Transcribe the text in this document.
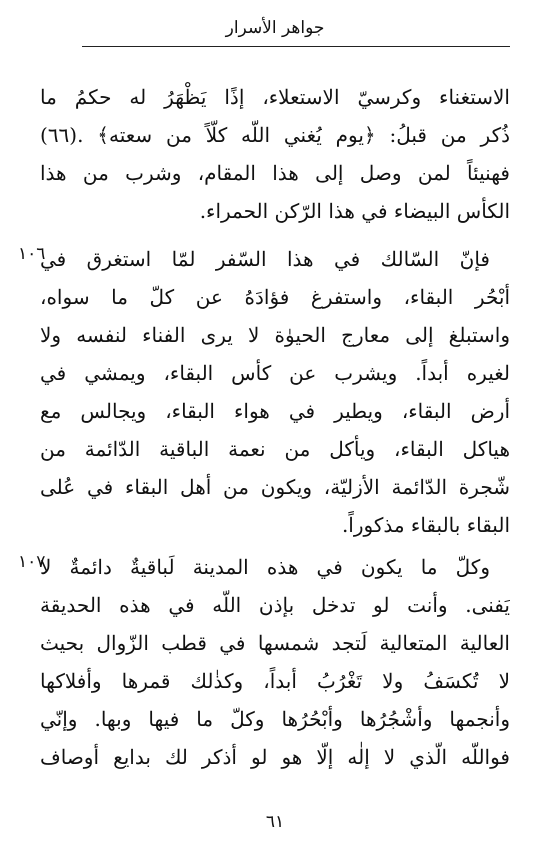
جواهر الأسرار
الاستغناء وكرسيّ الاستعلاء، إذًا يَظْهَرُ له حكمُ ما
ذُكر من قبلُ: ﴿يوم يُغني اللّه كلّاً من سعته﴾ .(٦٦)
فهنيئاً لمن وصل إلى هذا المقام، وشرب من هذا
الكأس البيضاء في هذا الرّكن الحمراء.
١٠٦
فإنّ السّالك في هذا السّفر لمّا استغرق في
أبْحُر البقاء، واستفرغ فؤادَهُ عن كلّ ما سواه،
واستبلغ إلى معارج الحيوٰة لا يرى الفناء لنفسه ولا
لغيره أبداً. ويشرب عن كأس البقاء، ويمشي في
أرض البقاء، ويطير في هواء البقاء، ويجالس مع
هياكل البقاء، ويأكل من نعمة الباقية الدّائمة من
شّجرة الدّائمة الأزليّة، ويكون من أهل البقاء في عُلى
البقاء بالبقاء مذكوراً.
١٠٧
وكلّ ما يكون في هذه المدينة لَباقيةٌ دائمةٌ لا
يَفنى. وأنت لو تدخل بإذن اللّه في هذه الحديقة
العالية المتعالية لَتجد شمسها في قطب الزّوال بحيث
لا تُكسَفُ ولا تَغْرُبُ أبداً، وكذٰلك قمرها وأفلاكها
وأنجمها وأشْجُرُها وأبْحُرُها وكلّ ما فيها وبها. وإنّي
فواللّه الّذي لا إلٰه إلّا هو لو أذكر لك بدايع أوصاف
٦١
